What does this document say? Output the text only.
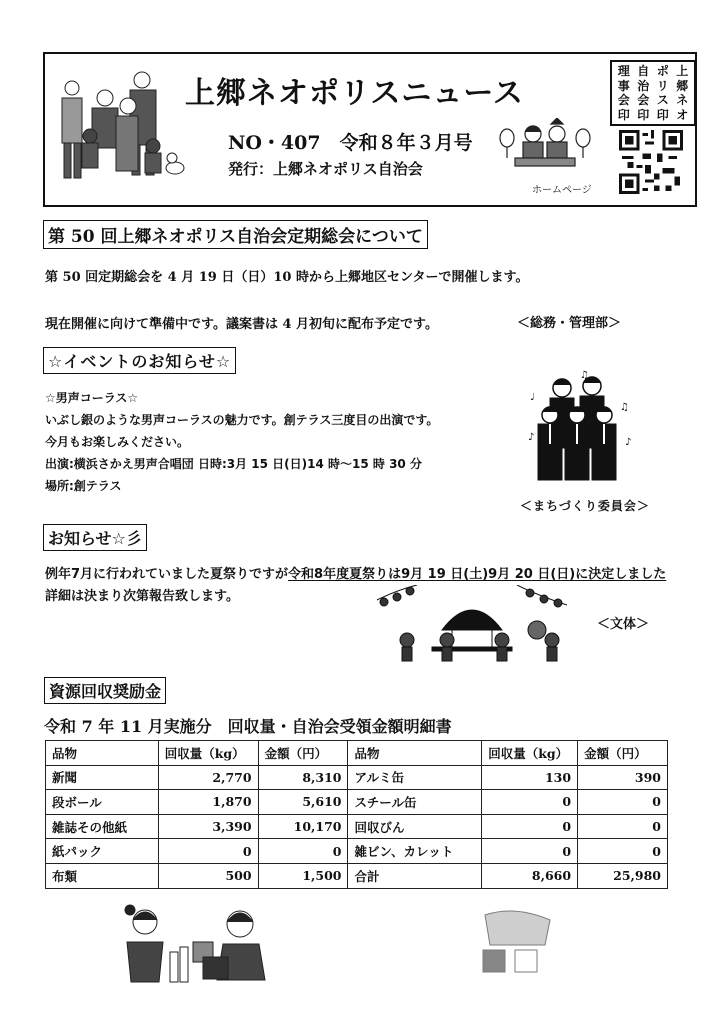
上郷ネオポリスニュース
NO・407　令和８年３月号
発行：上郷ネオポリス自治会
ホームページ
理 自 ポ 上
事 治 リ 郷
会 会 ス ネ
印 印 印 オ
第 50 回上郷ネオポリス自治会定期総会について
第 50 回定期総会を 4 月 19 日（日）10 時から上郷地区センターで開催します。
現在開催に向けて準備中です。議案書は 4 月初旬に配布予定です。	＜総務・管理部＞
☆イベントのお知らせ☆
☆男声コーラス☆
いぶし銀のような男声コーラスの魅力です。創テラス三度目の出演です。
今月もお楽しみください。
出演:横浜さかえ男声合唱団 日時:3月 15 日(日)14 時～15 時 30 分
場所:創テラス
♩
♫
♫
♪
♪
＜まちづくり委員会＞
お知らせ☆彡
例年7月に行われていました夏祭りですが令和8年度夏祭りは9月 19 日(土)9月 20 日(日)に決定しました
詳細は決まり次第報告致します。
＜文体＞
資源回収奨励金
令和 7 年 11 月実施分　回収量・自治会受領金額明細書
品物	回収量（kg）	金額（円）	品物	回収量（kg）	金額（円）
新聞	2,770	8,310	アルミ缶	130	390
段ボール	1,870	5,610	スチール缶	0	0
雑誌その他紙	3,390	10,170	回収びん	0	0
紙パック	0	0	雑ビン、カレット	0	0
布類	500	1,500	合計	8,660	25,980
